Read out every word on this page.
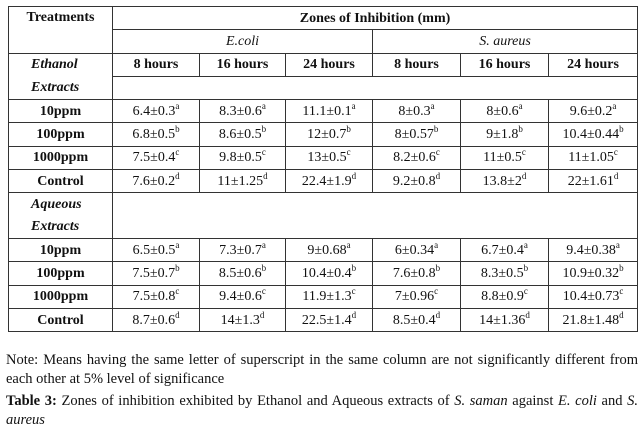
Treatments	Zones of Inhibition (mm)					
	E.coli			S. aureus		
Ethanol	8 hours	16 hours	24 hours	8 hours	16 hours	24 hours
Extracts						
10ppm	6.4±0.3$^a$	8.3±0.6$^a$	11.1±0.1$^a$	8±0.3$^a$	8±0.6$^a$	9.6±0.2$^a$
100ppm	6.8±0.5$^b$	8.6±0.5$^b$	12±0.7$^b$	8±0.57$^b$	9±1.8$^b$	10.4±0.44$^b$
1000ppm	7.5±0.4$^c$	9.8±0.5$^c$	13±0.5$^c$	8.2±0.6$^c$	11±0.5$^c$	11±1.05$^c$
Control	7.6±0.2$^d$	11±1.25$^d$	22.4±1.9$^d$	9.2±0.8$^d$	$13.8\pm 2^d$	22±1.61$^d$
Aqueous						
Extracts						
10ppm	6.5±0.5$^a$	7.3±0.7$^a$	9±0.68$^a$	6±0.34$^a$	6.7±0.4$^a$	9.4±0.38$^a$
100ppm	7.5±0.7$^b$	8.5±0.6$^b$	10.4±0.4$^b$	7.6±0.8$^b$	8.3±0.5$^b$	10.9±0.32$^b$
1000ppm	7.5±0.8$^c$	9.4±0.6$^c$	11.9±1.3$^c$	7±0.96$^c$	8.8±0.9$^c$	10.4±0.73$^c$
Control	8.7±0.6$^d$	14±1.3$^d$	22.5±1.4$^d$	8.5±0.4$^d$	14±1.36$^d$	21.8±1.48$^d$
Note: Means having the same letter of superscript in the same column are not significantly different from each other at 5% level of significance
Table 3: Zones of inhibition exhibited by Ethanol and Aqueous extracts of S. saman against E. coli and S. aureus
